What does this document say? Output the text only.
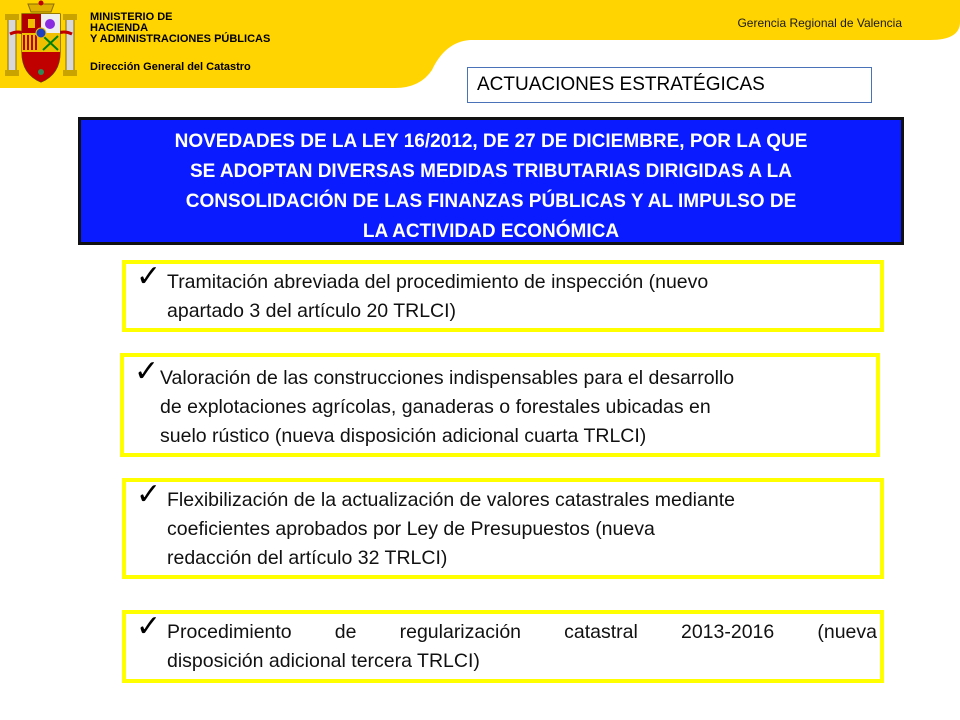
MINISTERIO DE
HACIENDA
Y ADMINISTRACIONES PÚBLICAS
Dirección General del Catastro
Gerencia Regional de Valencia
ACTUACIONES ESTRATÉGICAS
NOVEDADES DE LA LEY 16/2012, DE 27 DE DICIEMBRE, POR LA QUE
SE ADOPTAN DIVERSAS MEDIDAS TRIBUTARIAS DIRIGIDAS A LA
CONSOLIDACIÓN DE LAS FINANZAS PÚBLICAS Y AL IMPULSO DE
LA ACTIVIDAD ECONÓMICA
✓ Tramitación abreviada del procedimiento de inspección (nuevo
apartado 3 del artículo 20 TRLCI)
✓ Valoración de las construcciones indispensables para el desarrollo
de explotaciones agrícolas, ganaderas o forestales ubicadas en
suelo rústico (nueva disposición adicional cuarta TRLCI)
✓ Flexibilización de la actualización de valores catastrales mediante
coeficientes aprobados por Ley de Presupuestos (nueva
redacción del artículo 32 TRLCI)
✓ Procedimiento de regularización catastral 2013-2016 (nueva
disposición adicional tercera TRLCI)
